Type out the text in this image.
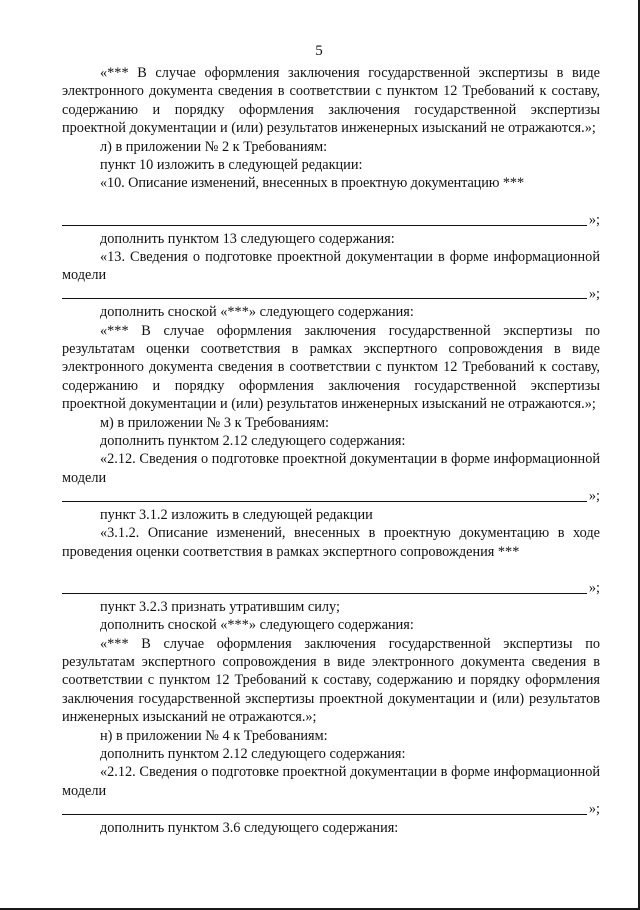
5

«*** В случае оформления заключения государственной экспертизы в виде электронного документа сведения в соответствии с пунктом 12 Требований к составу, содержанию и порядку оформления заключения государственной экспертизы проектной документации и (или) результатов инженерных изысканий не отражаются.»;

л) в приложении № 2 к Требованиям:

пункт 10 изложить в следующей редакции:

«10. Описание изменений, внесенных в проектную документацию ***

»;

дополнить пунктом 13 следующего содержания:

«13. Сведения о подготовке проектной документации в форме информационной модели

»;

дополнить сноской «***» следующего содержания:

«*** В случае оформления заключения государственной экспертизы по результатам оценки соответствия в рамках экспертного сопровождения в виде электронного документа сведения в соответствии с пунктом 12 Требований к составу, содержанию и порядку оформления заключения государственной экспертизы проектной документации и (или) результатов инженерных изысканий не отражаются.»;

м) в приложении № 3 к Требованиям:

дополнить пунктом 2.12 следующего содержания:

«2.12. Сведения о подготовке проектной документации в форме информационной модели

»;

пункт 3.1.2 изложить в следующей редакции

«3.1.2. Описание изменений, внесенных в проектную документацию в ходе проведения оценки соответствия в рамках экспертного сопровождения ***

»;

пункт 3.2.3 признать утратившим силу;

дополнить сноской «***» следующего содержания:

«*** В случае оформления заключения государственной экспертизы по результатам экспертного сопровождения в виде электронного документа сведения в соответствии с пунктом 12 Требований к составу, содержанию и порядку оформления заключения государственной экспертизы проектной документации и (или) результатов инженерных изысканий не отражаются.»;

н) в приложении № 4 к Требованиям:

дополнить пунктом 2.12 следующего содержания:

«2.12. Сведения о подготовке проектной документации в форме информационной модели

»;

дополнить пунктом 3.6 следующего содержания:
